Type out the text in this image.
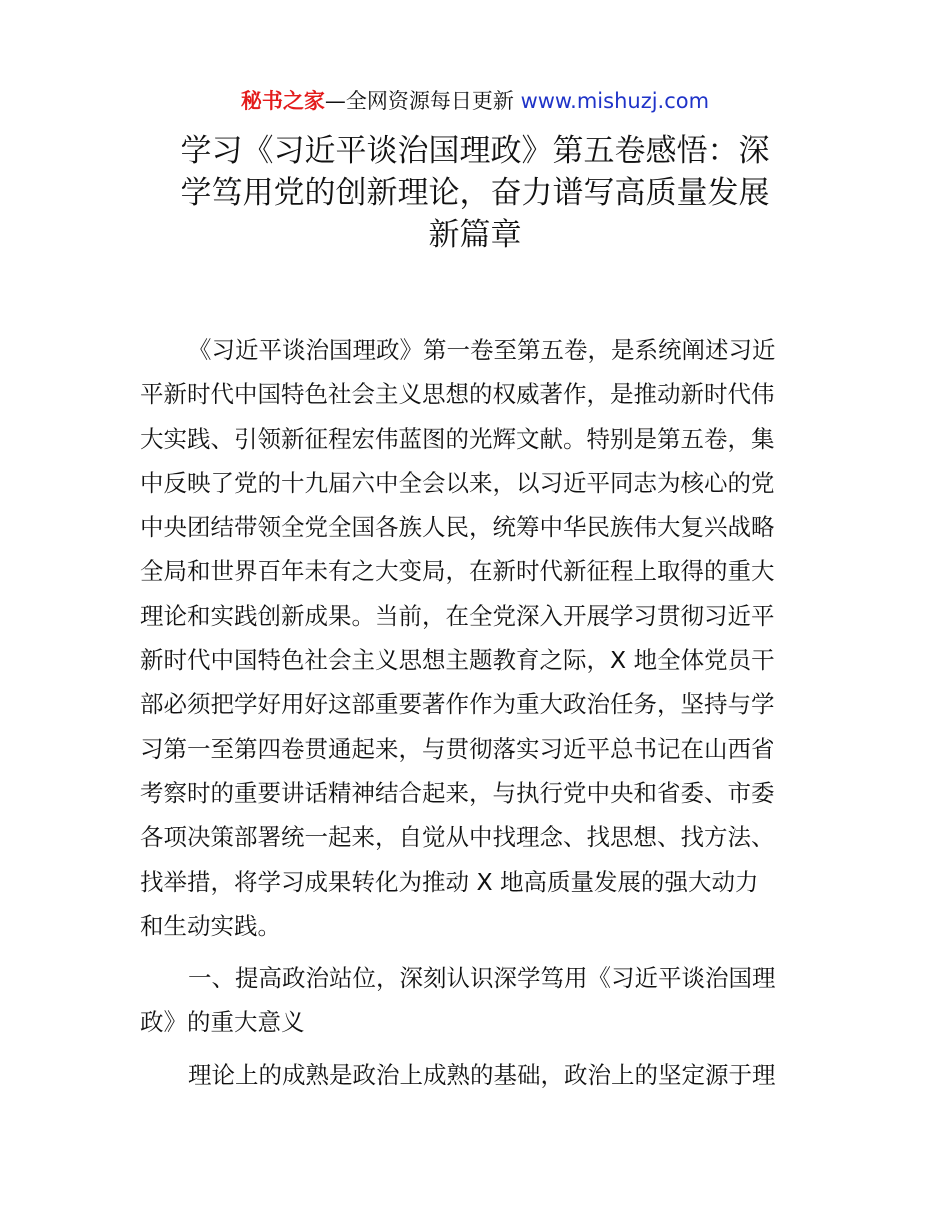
秘书之家—全网资源每日更新 www.mishuzj.com
学习《习近平谈治国理政》第五卷感悟：深
学笃用党的创新理论，奋力谱写高质量发展
新篇章
《习近平谈治国理政》第一卷至第五卷，是系统阐述习近
平新时代中国特色社会主义思想的权威著作，是推动新时代伟
大实践、引领新征程宏伟蓝图的光辉文献。特别是第五卷，集
中反映了党的十九届六中全会以来，以习近平同志为核心的党
中央团结带领全党全国各族人民，统筹中华民族伟大复兴战略
全局和世界百年未有之大变局，在新时代新征程上取得的重大
理论和实践创新成果。当前，在全党深入开展学习贯彻习近平
新时代中国特色社会主义思想主题教育之际，X 地全体党员干
部必须把学好用好这部重要著作作为重大政治任务，坚持与学
习第一至第四卷贯通起来，与贯彻落实习近平总书记在山西省
考察时的重要讲话精神结合起来，与执行党中央和省委、市委
各项决策部署统一起来，自觉从中找理念、找思想、找方法、
找举措，将学习成果转化为推动 X 地高质量发展的强大动力
和生动实践。
一、提高政治站位，深刻认识深学笃用《习近平谈治国理
政》的重大意义
理论上的成熟是政治上成熟的基础，政治上的坚定源于理
